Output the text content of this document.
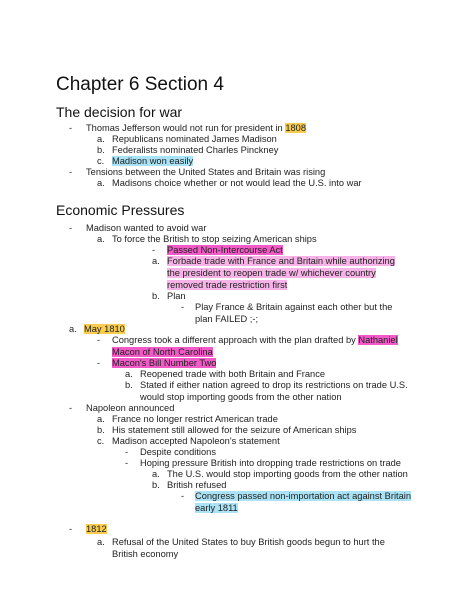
Chapter 6 Section 4
The decision for war
- Thomas Jefferson would not run for president in 1808
a. Republicans nominated James Madison
b. Federalists nominated Charles Pinckney
c. Madison won easily
- Tensions between the United States and Britain was rising
a. Madisons choice whether or not would lead the U.S. into war
Economic Pressures
- Madison wanted to avoid war
a. To force the British to stop seizing American ships
- Passed Non-Intercourse Act
a. Forbade trade with France and Britain while authorizing the president to reopen trade w/ whichever country removed trade restriction first
b. Plan
- Play France & Britain against each other but the plan FAILED ;-;
a. May 1810
- Congress took a different approach with the plan drafted by Nathaniel Macon of North Carolina
- Macon's Bill Number Two
a. Reopened trade with both Britain and France
b. Stated if either nation agreed to drop its restrictions on trade U.S. would stop importing goods from the other nation
- Napoleon announced
a. France no longer restrict American trade
b. His statement still allowed for the seizure of American ships
c. Madison accepted Napoleon's statement
- Despite conditions
- Hoping pressure British into dropping trade restrictions on trade
a. The U.S. would stop importing goods from the other nation
b. British refused
- Congress passed non-importation act against Britain early 1811
- 1812
a. Refusal of the United States to buy British goods begun to hurt the British economy
